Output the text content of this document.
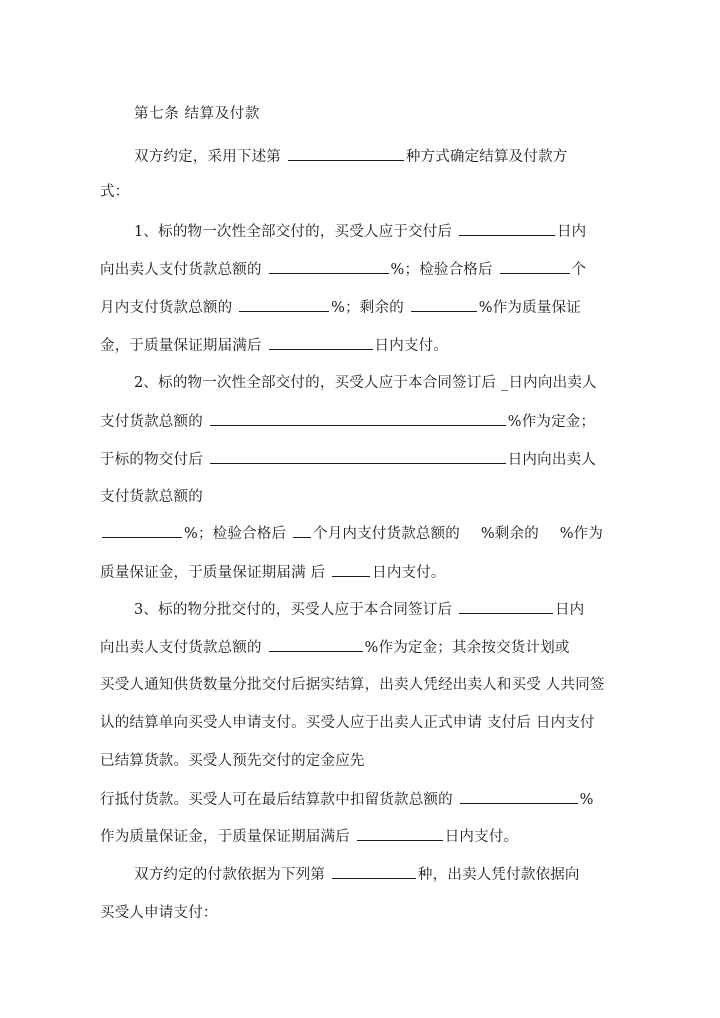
第七条 结算及付款
双方约定，采用下述第	种方式确定结算及付款方
式：
1、标的物一次性全部交付的，买受人应于交付后	日内
向出卖人支付货款总额的	%；检验合格后	个
月内支付货款总额的	%；剩余的	%作为质量保证
金，于质量保证期届满后	日内支付。
2、标的物一次性全部交付的，买受人应于本合同签订后 _日内向出卖人
支付货款总额的	%作为定金；
于标的物交付后	日内向出卖人
支付货款总额的
%；检验合格后 个月内支付货款总额的 %剩余的 %作为
质量保证金，于质量保证期届满 后	日内支付。
3、标的物分批交付的，买受人应于本合同签订后	日内
向出卖人支付货款总额的	%作为定金；其余按交货计划或
买受人通知供货数量分批交付后据实结算，出卖人凭经出卖人和买受 人共同签
认的结算单向买受人申请支付。买受人应于出卖人正式申请 支付后 日内支付
已结算货款。买受人预先交付的定金应先
行抵付货款。买受人可在最后结算款中扣留货款总额的	%
作为质量保证金，于质量保证期届满后	日内支付。
双方约定的付款依据为下列第	种，出卖人凭付款依据向
买受人申请支付：
